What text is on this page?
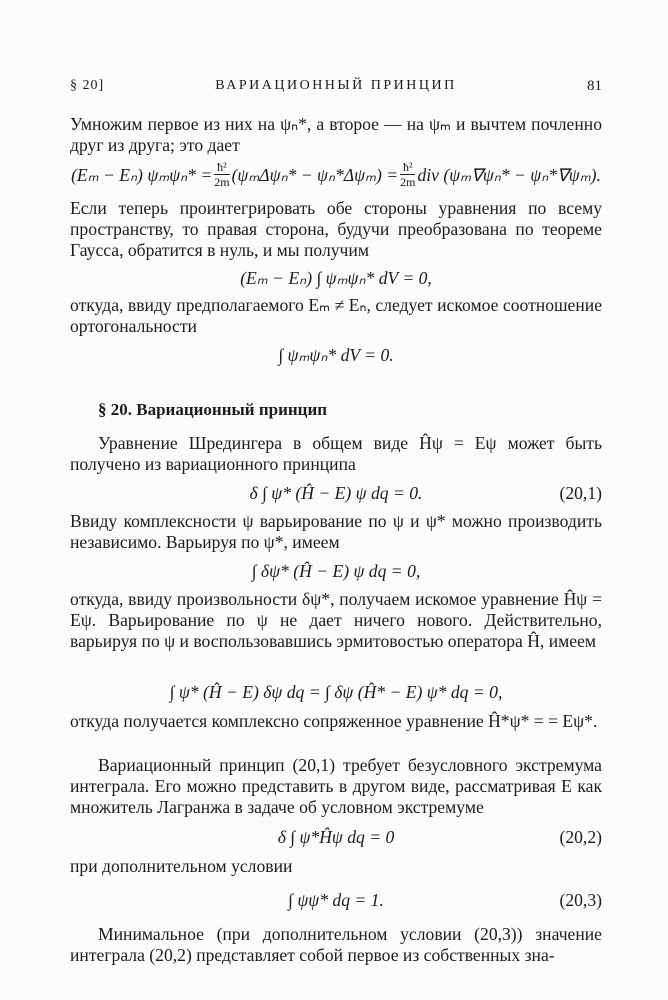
§ 20]	ВАРИАЦИОННЫЙ ПРИНЦИП	81

Умножим первое из них на ψₙ*, а второе — на ψₘ и вычтем почленно друг из друга; это дает

(Eₘ − Eₙ) $\psi_m\psi_n* = \frac{\text{ħ²}}{2m} (\psi_m\Delta\psi_n* - \psi_n*\Delta\psi_m) = \frac{\text{ħ²}}{2m}$ div (ψₘ∇ψₙ* − ψₙ*∇ψₘ).

Если теперь проинтегрировать обе стороны уравнения по всему пространству, то правая сторона, будучи преобразована по теореме Гаусса, обратится в нуль, и мы получим

(Eₘ − Eₙ) ∫ ψₘψₙ* dV = 0,

откуда, ввиду предполагаемого Eₘ ≠ Eₙ, следует искомое соотношение ортогональности

∫ ψₘψₙ* dV = 0.
§ 20. Вариационный принцип

Уравнение Шредингера в общем виде Ĥψ = Eψ может быть получено из вариационного принципа

δ ∫ ψ* (Ĥ − E) ψ dq = 0.	(20,1)

Ввиду комплексности ψ варьирование по ψ и ψ* можно производить независимо. Варьируя по ψ*, имеем

∫ δψ* (Ĥ − E) ψ dq = 0,

откуда, ввиду произвольности δψ*, получаем искомое уравнение Ĥψ = Eψ. Варьирование по ψ не дает ничего нового. Действительно, варьируя по ψ и воспользовавшись эрмитовостью оператора Ĥ, имеем

∫ ψ* (Ĥ − E) δψ dq = ∫ δψ (Ĥ* − E) ψ* dq = 0,

откуда получается комплексно сопряженное уравнение Ĥ*ψ* = = Eψ*.

Вариационный принцип (20,1) требует безусловного экстремума интеграла. Его можно представить в другом виде, рассматривая E как множитель Лагранжа в задаче об условном экстремуме

δ ∫ ψ*Ĥψ dq = 0	(20,2)

при дополнительном условии

∫ ψψ* dq = 1.	(20,3)

Минимальное (при дополнительном условии (20,3)) значение интеграла (20,2) представляет собой первое из собственных зна-
